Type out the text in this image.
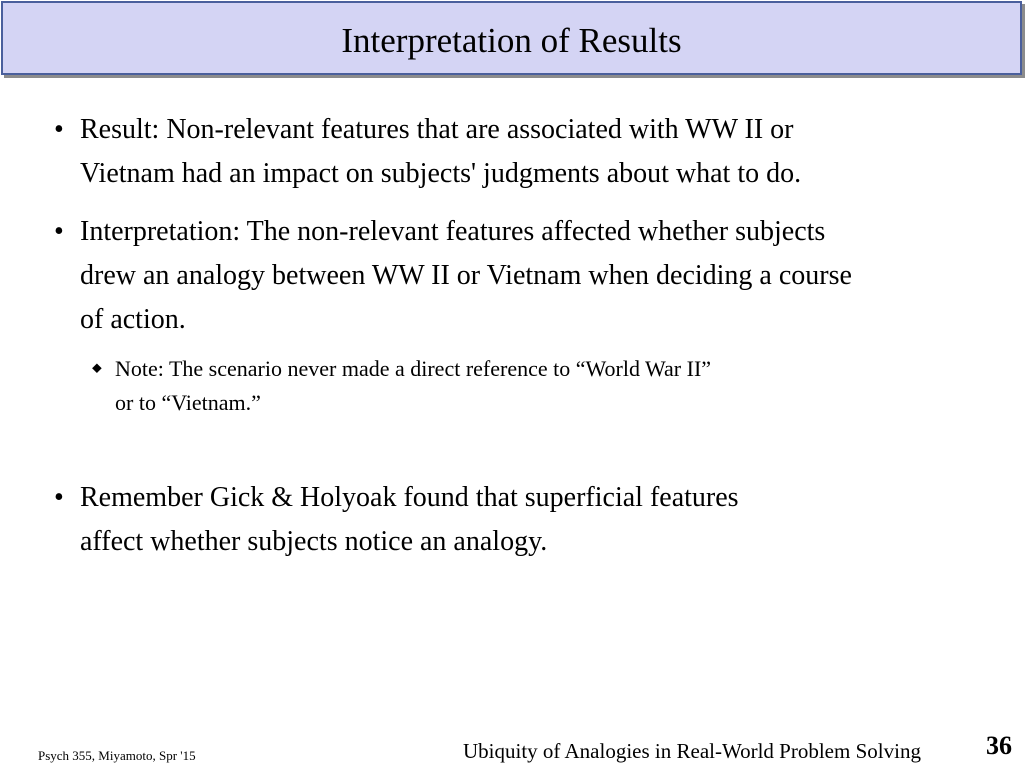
Interpretation of Results
• Result: Non-relevant features that are associated with WW II or
Vietnam had an impact on subjects' judgments about what to do.
• Interpretation: The non-relevant features affected whether subjects
drew an analogy between WW II or Vietnam when deciding a course
of action.
⬥ Note: The scenario never made a direct reference to “World War II”
or to “Vietnam.”
• Remember Gick & Holyoak found that superficial features
affect whether subjects notice an analogy.
Psych 355, Miyamoto, Spr '15	Ubiquity of Analogies in Real-World Problem Solving	36
